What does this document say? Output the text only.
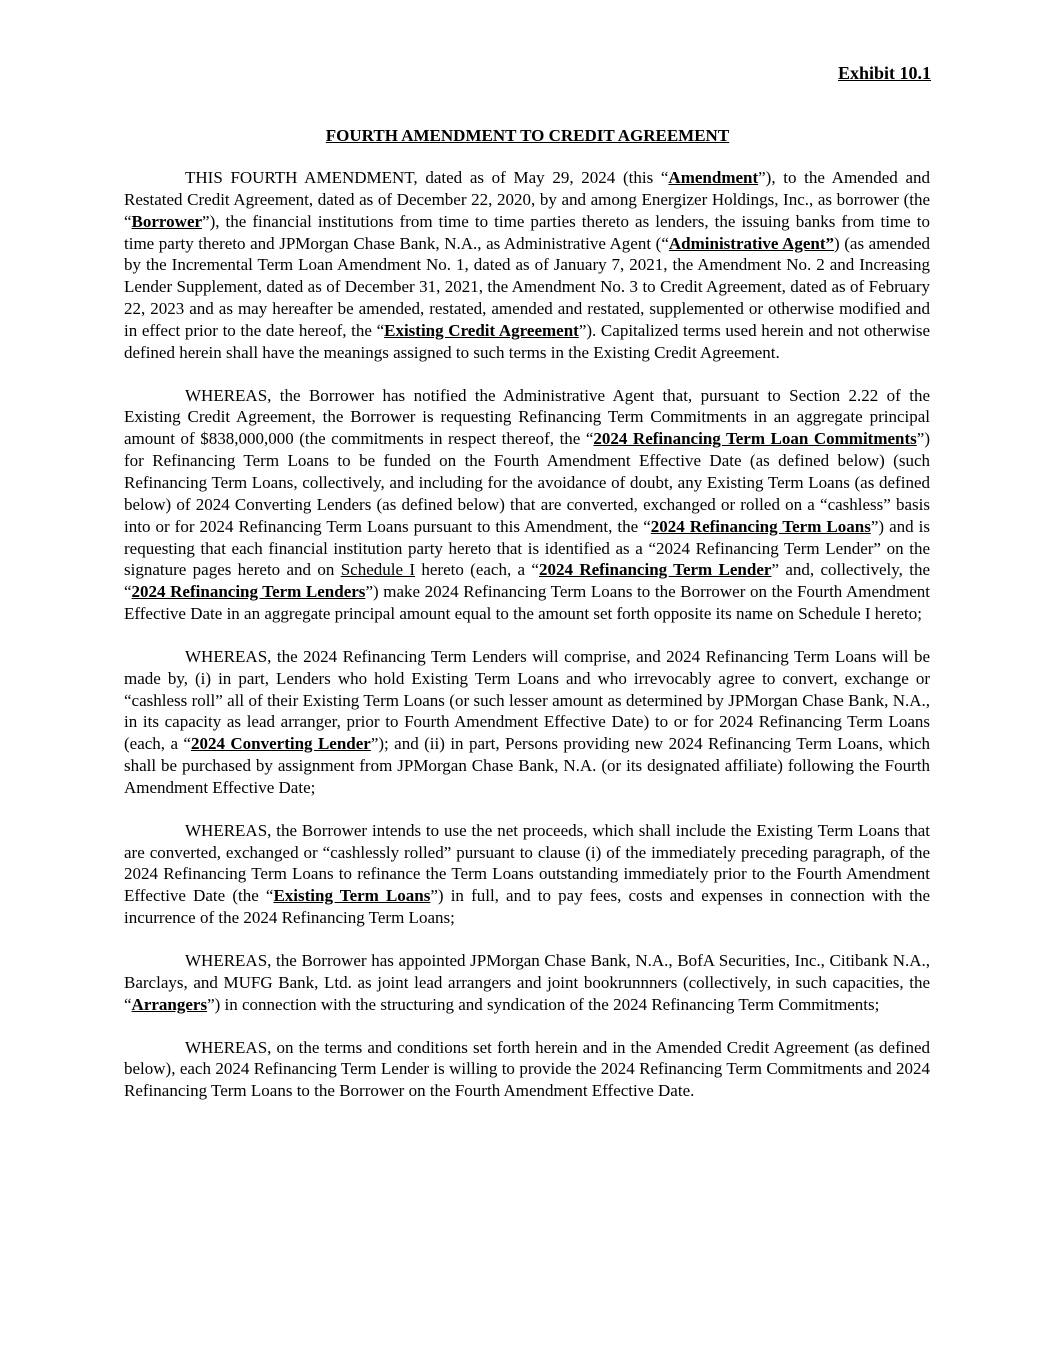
Exhibit 10.1
FOURTH AMENDMENT TO CREDIT AGREEMENT

THIS FOURTH AMENDMENT, dated as of May 29, 2024 (this “Amendment”), to the Amended and Restated Credit Agreement, dated as of December 22, 2020, by and among Energizer Holdings, Inc., as borrower (the “Borrower”), the financial institutions from time to time parties thereto as lenders, the issuing banks from time to time party thereto and JPMorgan Chase Bank, N.A., as Administrative Agent (“Administrative Agent”) (as amended by the Incremental Term Loan Amendment No. 1, dated as of January 7, 2021, the Amendment No. 2 and Increasing Lender Supplement, dated as of December 31, 2021, the Amendment No. 3 to Credit Agreement, dated as of February 22, 2023 and as may hereafter be amended, restated, amended and restated, supplemented or otherwise modified and in effect prior to the date hereof, the “Existing Credit Agreement”). Capitalized terms used herein and not otherwise defined herein shall have the meanings assigned to such terms in the Existing Credit Agreement.

WHEREAS, the Borrower has notified the Administrative Agent that, pursuant to Section 2.22 of the Existing Credit Agreement, the Borrower is requesting Refinancing Term Commitments in an aggregate principal amount of $838,000,000 (the commitments in respect thereof, the “2024 Refinancing Term Loan Commitments”) for Refinancing Term Loans to be funded on the Fourth Amendment Effective Date (as defined below) (such Refinancing Term Loans, collectively, and including for the avoidance of doubt, any Existing Term Loans (as defined below) of 2024 Converting Lenders (as defined below) that are converted, exchanged or rolled on a “cashless” basis into or for 2024 Refinancing Term Loans pursuant to this Amendment, the “2024 Refinancing Term Loans”) and is requesting that each financial institution party hereto that is identified as a “2024 Refinancing Term Lender” on the signature pages hereto and on Schedule I hereto (each, a “2024 Refinancing Term Lender” and, collectively, the “2024 Refinancing Term Lenders”) make 2024 Refinancing Term Loans to the Borrower on the Fourth Amendment Effective Date in an aggregate principal amount equal to the amount set forth opposite its name on Schedule I hereto;

WHEREAS, the 2024 Refinancing Term Lenders will comprise, and 2024 Refinancing Term Loans will be made by, (i) in part, Lenders who hold Existing Term Loans and who irrevocably agree to convert, exchange or “cashless roll” all of their Existing Term Loans (or such lesser amount as determined by JPMorgan Chase Bank, N.A., in its capacity as lead arranger, prior to Fourth Amendment Effective Date) to or for 2024 Refinancing Term Loans (each, a “2024 Converting Lender”); and (ii) in part, Persons providing new 2024 Refinancing Term Loans, which shall be purchased by assignment from JPMorgan Chase Bank, N.A. (or its designated affiliate) following the Fourth Amendment Effective Date;

WHEREAS, the Borrower intends to use the net proceeds, which shall include the Existing Term Loans that are converted, exchanged or “cashlessly rolled” pursuant to clause (i) of the immediately preceding paragraph, of the 2024 Refinancing Term Loans to refinance the Term Loans outstanding immediately prior to the Fourth Amendment Effective Date (the “Existing Term Loans”) in full, and to pay fees, costs and expenses in connection with the incurrence of the 2024 Refinancing Term Loans;

WHEREAS, the Borrower has appointed JPMorgan Chase Bank, N.A., BofA Securities, Inc., Citibank N.A., Barclays, and MUFG Bank, Ltd. as joint lead arrangers and joint bookrunnners (collectively, in such capacities, the “Arrangers”) in connection with the structuring and syndication of the 2024 Refinancing Term Commitments;

WHEREAS, on the terms and conditions set forth herein and in the Amended Credit Agreement (as defined below), each 2024 Refinancing Term Lender is willing to provide the 2024 Refinancing Term Commitments and 2024 Refinancing Term Loans to the Borrower on the Fourth Amendment Effective Date.
